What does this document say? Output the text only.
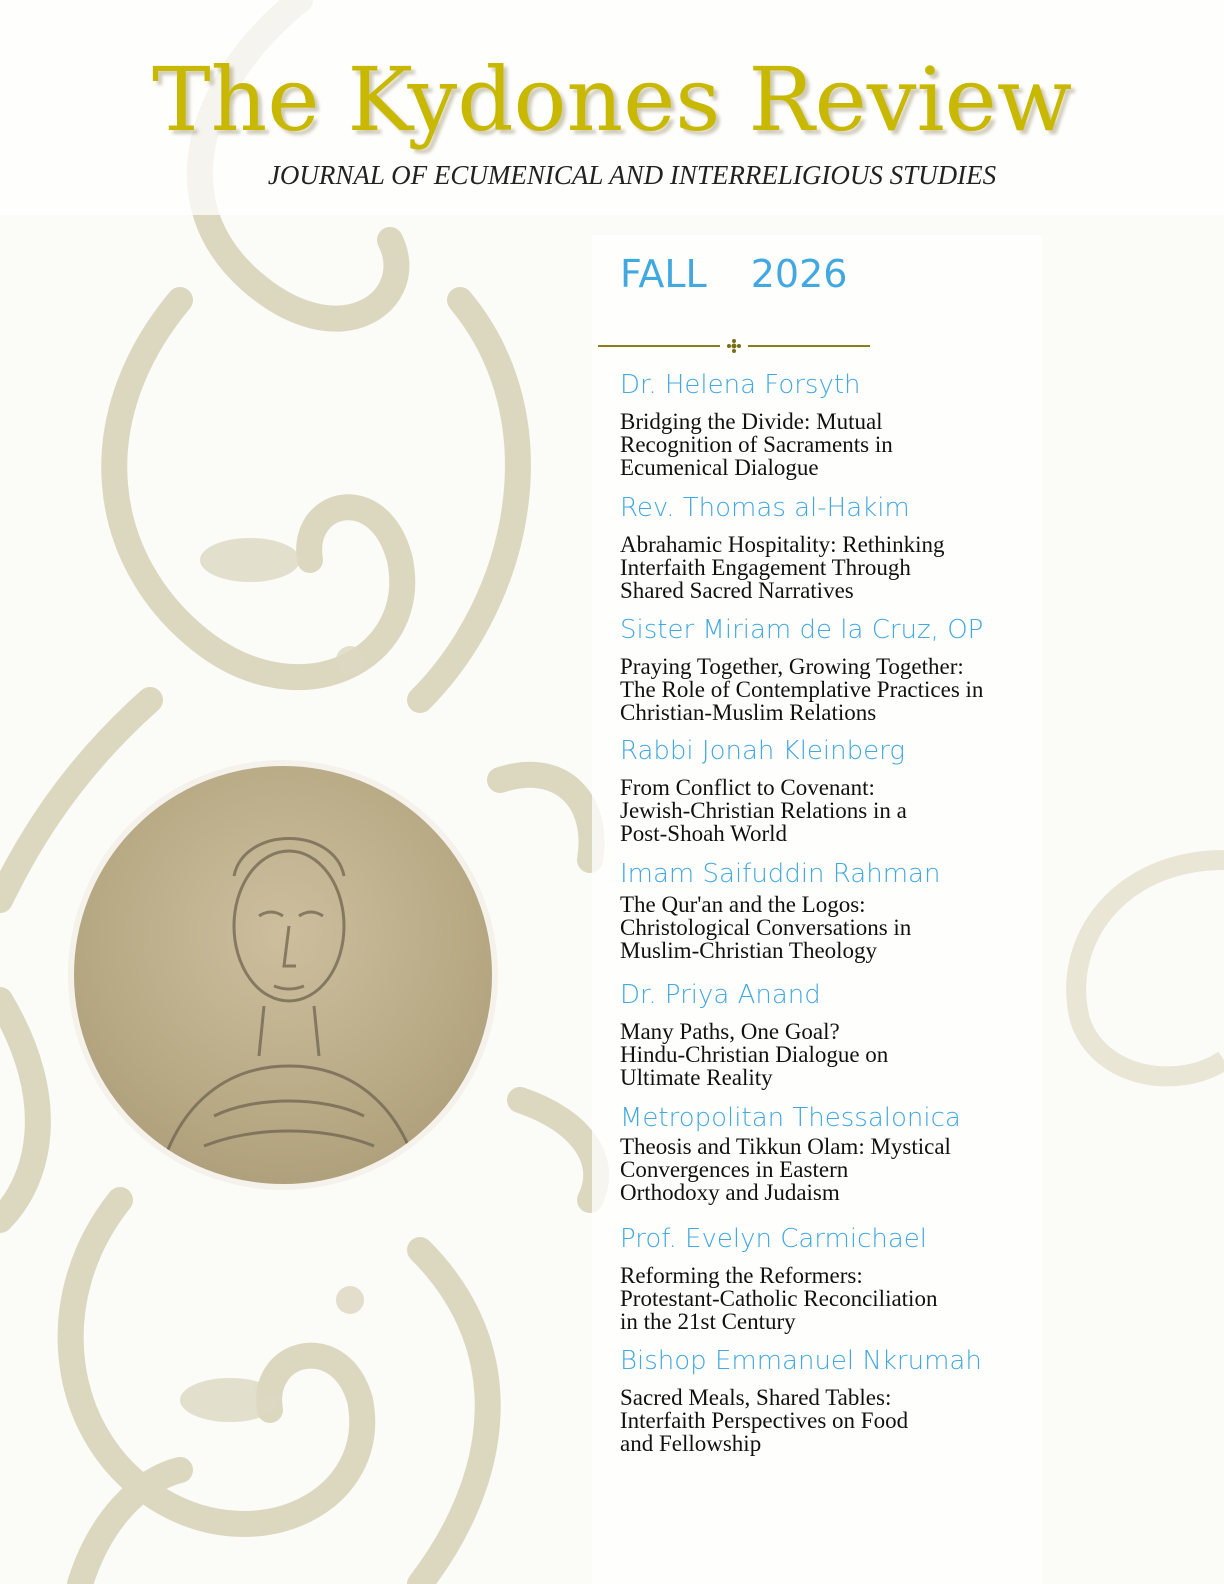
The Kydones Review
JOURNAL OF ECUMENICAL AND INTERRELIGIOUS STUDIES
FALL 2026
Dr. Helena Forsyth
Bridging the Divide: Mutual
Recognition of Sacraments in
Ecumenical Dialogue
Rev. Thomas al-Hakim
Abrahamic Hospitality: Rethinking
Interfaith Engagement Through
Shared Sacred Narratives
Sister Miriam de la Cruz, OP
Praying Together, Growing Together:
The Role of Contemplative Practices in
Christian-Muslim Relations
Rabbi Jonah Kleinberg
From Conflict to Covenant:
Jewish-Christian Relations in a
Post-Shoah World
Imam Saifuddin Rahman
The Qur'an and the Logos:
Christological Conversations in
Muslim-Christian Theology
Dr. Priya Anand
Many Paths, One Goal?
Hindu-Christian Dialogue on
Ultimate Reality
Metropolitan Thessalonica
Theosis and Tikkun Olam: Mystical
Convergences in Eastern
Orthodoxy and Judaism
Prof. Evelyn Carmichael
Reforming the Reformers:
Protestant-Catholic Reconciliation
in the 21st Century
Bishop Emmanuel Nkrumah
Sacred Meals, Shared Tables:
Interfaith Perspectives on Food
and Fellowship
